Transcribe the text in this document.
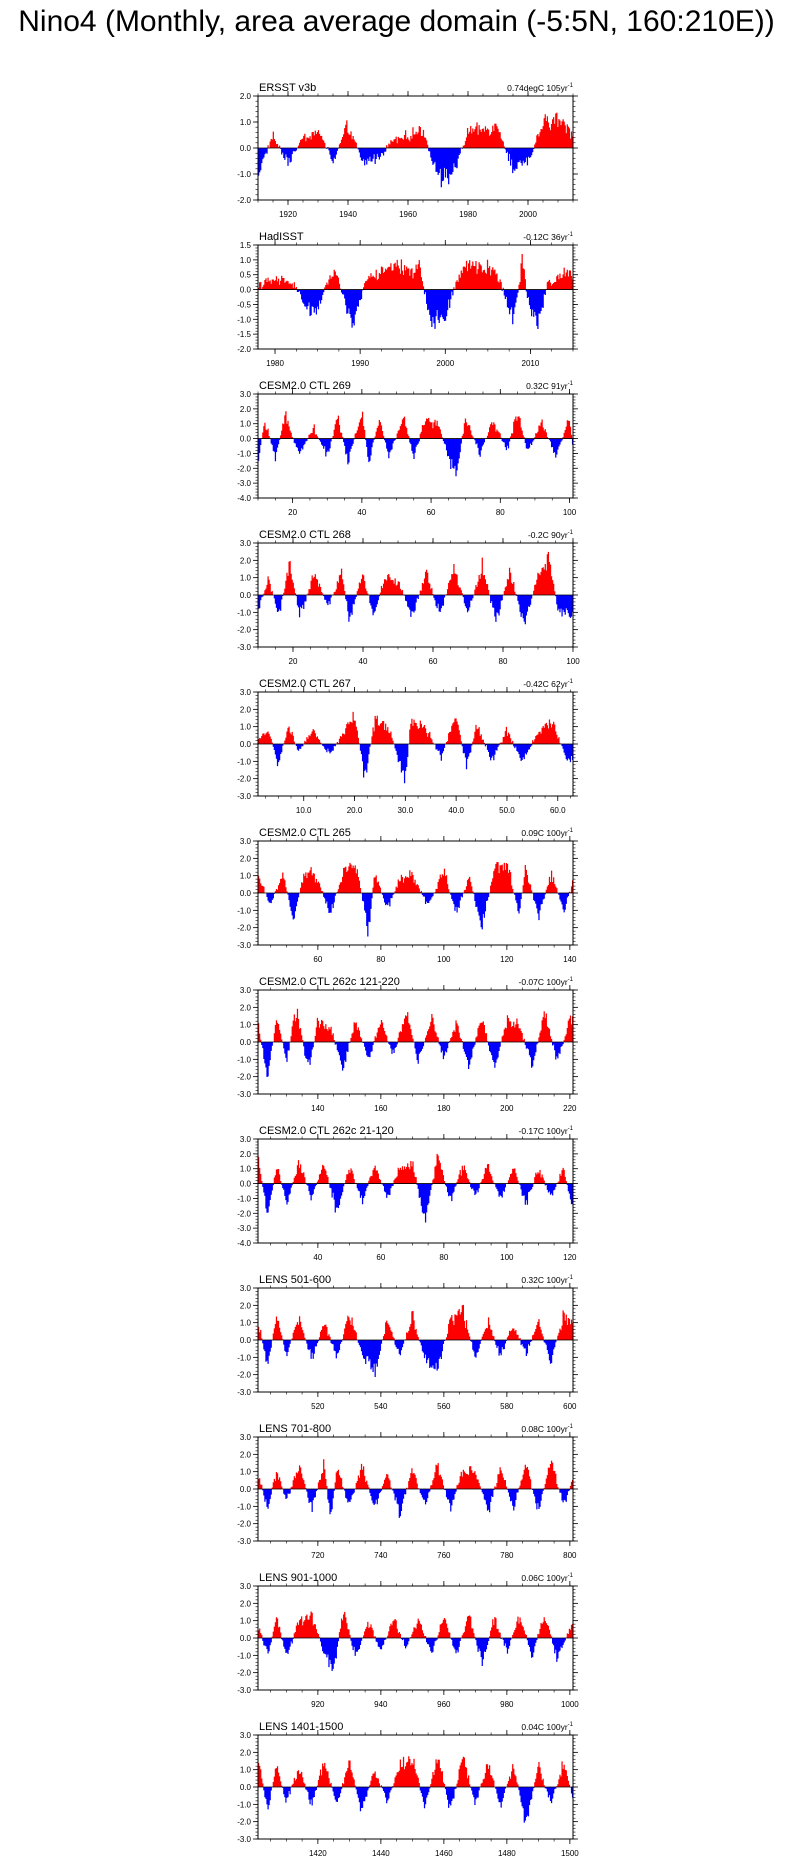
Nino4 (Monthly, area average domain (-5:5N, 160:210E))
ERSST v3b	0.74degC $105yr^{-1}$
2.0
1.0
0.0
-1.0
-2.0
1920	1940	1960	1980	2000
HadISST	-0.12C $36yr^{-1}$
1.5
1.0
0.5
0.0
-0.5
-1.0
-1.5
-2.0
1980	1990	2000	2010
CESM2.0 CTL 269	0.32C $91yr^{-1}$
3.0
2.0
1.0
0.0
-1.0
-2.0
-3.0
-4.0
20	40	60	80	100
CESM2.0 CTL 268	-0.2C $90yr^{-1}$
3.0
2.0
1.0
0.0
-1.0
-2.0
-3.0
20	40	60	80	100
CESM2.0 CTL 267	-0.42C $62yr^{-1}$
3.0
2.0
1.0
0.0
-1.0
-2.0
-3.0
10.0	20.0	30.0	40.0	50.0	60.0
CESM2.0 CTL 265	0.09C $100yr^{-1}$
3.0
2.0
1.0
0.0
-1.0
-2.0
-3.0
60	80	100	120	140
CESM2.0 CTL 262c 121-220	-0.07C $100yr^{-1}$
3.0
2.0
1.0
0.0
-1.0
-2.0
-3.0
140	160	180	200	220
CESM2.0 CTL 262c 21-120	-0.17C $100yr^{-1}$
3.0
2.0
1.0
0.0
-1.0
-2.0
-3.0
-4.0
40	60	80	100	120
LENS 501-600	0.32C $100yr^{-1}$
3.0
2.0
1.0
0.0
-1.0
-2.0
-3.0
520	540	560	580	600
LENS 701-800	0.08C $100yr^{-1}$
3.0
2.0
1.0
0.0
-1.0
-2.0
-3.0
720	740	760	780	800
LENS 901-1000	0.06C $100yr^{-1}$
3.0
2.0
1.0
0.0
-1.0
-2.0
-3.0
920	940	960	980	1000
LENS 1401-1500	0.04C $100yr^{-1}$
3.0
2.0
1.0
0.0
-1.0
-2.0
-3.0
1420	1440	1460	1480	1500
